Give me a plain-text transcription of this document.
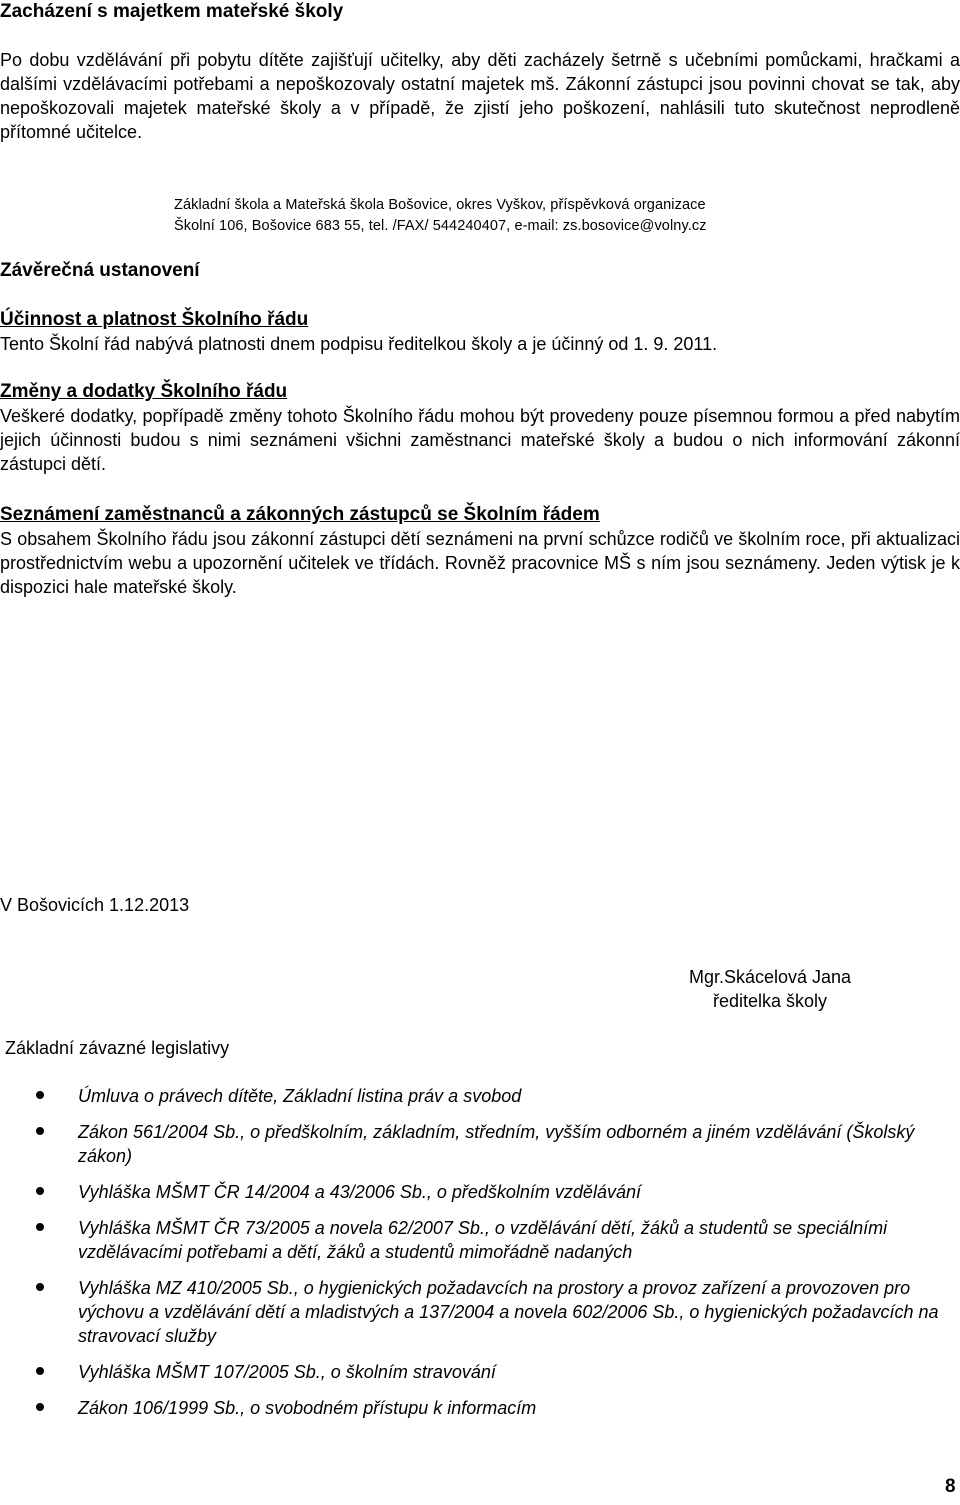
Zacházení s majetkem mateřské školy

Po dobu vzdělávání při pobytu dítěte zajišťují učitelky, aby děti zacházely šetrně s učebními pomůckami, hračkami a dalšími vzdělávacími potřebami a nepoškozovaly ostatní majetek mš. Zákonní zástupci jsou povinni chovat se tak, aby nepoškozovali majetek mateřské školy a v případě, že zjistí jeho poškození, nahlásili tuto skutečnost neprodleně přítomné učitelce.

Základní škola a Mateřská škola Bošovice, okres Vyškov, příspěvková organizace
Školní 106, Bošovice 683 55, tel. /FAX/ 544240407, e-mail: zs.bosovice@volny.cz
Závěrečná ustanovení
Účinnost a platnost Školního řádu
Tento Školní řád nabývá platnosti dnem podpisu ředitelkou školy a je účinný od 1. 9. 2011.
Změny a dodatky Školního řádu
Veškeré dodatky, popřípadě změny tohoto Školního řádu mohou být provedeny pouze písemnou formou a před nabytím jejich účinnosti budou s nimi seznámeni všichni zaměstnanci mateřské školy a budou o nich informování zákonní zástupci dětí.
Seznámení zaměstnanců a zákonných zástupců se Školním řádem
S obsahem Školního řádu jsou zákonní zástupci dětí seznámeni na první schůzce rodičů ve školním roce, při aktualizaci prostřednictvím webu a upozornění učitelek ve třídách. Rovněž pracovnice MŠ s ním jsou seznámeny. Jeden výtisk je k dispozici hale mateřské školy.
V Bošovicích 1.12.2013
Mgr.Skácelová Jana
ředitelka školy
Základní závazné legislativy
Úmluva o právech dítěte, Základní listina práv a svobod
Zákon 561/2004 Sb., o předškolním, základním, středním, vyšším odborném a jiném vzdělávání (Školský zákon)
Vyhláška MŠMT ČR 14/2004 a 43/2006 Sb., o předškolním vzdělávání
Vyhláška MŠMT ČR 73/2005 a novela 62/2007 Sb., o vzdělávání dětí, žáků a studentů se speciálními vzdělávacími potřebami a dětí, žáků a studentů mimořádně nadaných
Vyhláška MZ 410/2005 Sb., o hygienických požadavcích na prostory a provoz zařízení a provozoven pro výchovu a vzdělávání dětí a mladistvých a 137/2004 a novela 602/2006 Sb., o hygienických požadavcích na stravovací služby
Vyhláška MŠMT 107/2005 Sb., o školním stravování
Zákon 106/1999 Sb., o svobodném přístupu k informacím
8
